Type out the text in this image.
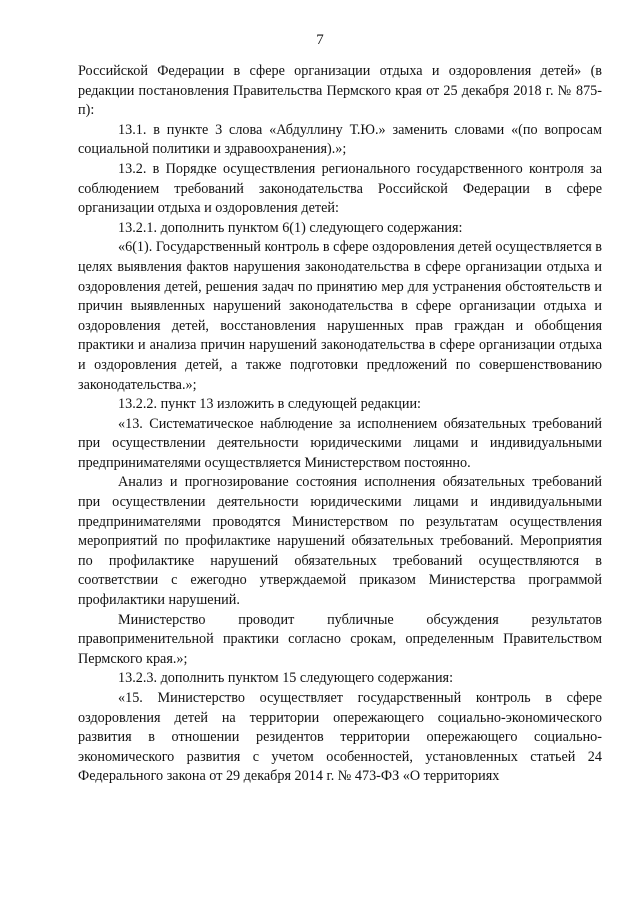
7

Российской Федерации в сфере организации отдыха и оздоровления детей» (в редакции постановления Правительства Пермского края от 25 декабря 2018 г. № 875-п):

13.1. в пункте 3 слова «Абдуллину Т.Ю.» заменить словами «(по вопросам социальной политики и здравоохранения).»;

13.2. в Порядке осуществления регионального государственного контроля за соблюдением требований законодательства Российской Федерации в сфере организации отдыха и оздоровления детей:

13.2.1. дополнить пунктом 6(1) следующего содержания:

«6(1). Государственный контроль в сфере оздоровления детей осуществляется в целях выявления фактов нарушения законодательства в сфере организации отдыха и оздоровления детей, решения задач по принятию мер для устранения обстоятельств и причин выявленных нарушений законодательства в сфере организации отдыха и оздоровления детей, восстановления нарушенных прав граждан и обобщения практики и анализа причин нарушений законодательства в сфере организации отдыха и оздоровления детей, а также подготовки предложений по совершенствованию законодательства.»;

13.2.2. пункт 13 изложить в следующей редакции:

«13. Систематическое наблюдение за исполнением обязательных требований при осуществлении деятельности юридическими лицами и индивидуальными предпринимателями осуществляется Министерством постоянно.

Анализ и прогнозирование состояния исполнения обязательных требований при осуществлении деятельности юридическими лицами и индивидуальными предпринимателями проводятся Министерством по результатам осуществления мероприятий по профилактике нарушений обязательных требований. Мероприятия по профилактике нарушений обязательных требований осуществляются в соответствии с ежегодно утверждаемой приказом Министерства программой профилактики нарушений.

Министерство проводит публичные обсуждения результатов правоприменительной практики согласно срокам, определенным Правительством Пермского края.»;

13.2.3. дополнить пунктом 15 следующего содержания:

«15. Министерство осуществляет государственный контроль в сфере оздоровления детей на территории опережающего социально-экономического развития в отношении резидентов территории опережающего социально-экономического развития с учетом особенностей, установленных статьей 24 Федерального закона от 29 декабря 2014 г. № 473-ФЗ «О территориях
